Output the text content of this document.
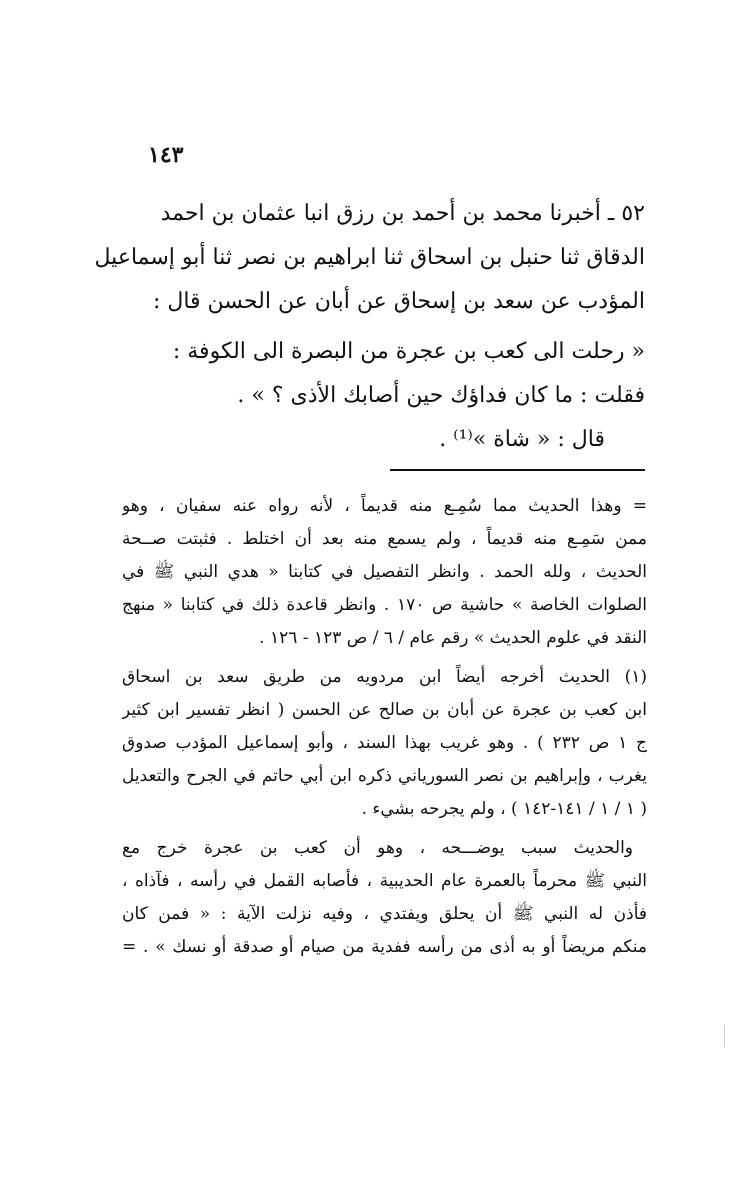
١٤٣
٥٢ ـ أخبرنا محمد بن أحمد بن رزق انبا عثمان بن احمد
الدقاق ثنا حنبل بن اسحاق ثنا ابراهيم بن نصر ثنا أبو إسماعيل
المؤدب عن سعد بن إسحاق عن أبان عن الحسن قال :
« رحلت الى كعب بن عجرة من البصرة الى الكوفة :
فقلت : ما كان فداؤك حين أصابك الأذى ؟ » .
قال : « شاة »⁽¹⁾ .
= وهذا الحديث مما سُمِـع منه قديماً ، لأنه رواه عنه سفيان ، وهو
ممن سَمِـع منه قديماً ، ولم يسمع منه بعد أن اختلط . فثبتت صــحة
الحديث ، ولله الحمد . وانظر التفصيل في كتابنا « هدي النبي ﷺ في
الصلوات الخاصة » حاشية ص ١٧٠ . وانظر قاعدة ذلك في كتابنا « منهج
النقد في علوم الحديث » رقم عام / ٦ / ص ١٢٣ - ١٢٦ .
(١) الحديث أخرجه أيضاً ابن مردويه من طريق سعد بن اسحاق
ابن كعب بن عجرة عن أبان بن صالح عن الحسن ( انظر تفسير ابن كثير
ج ١ ص ٢٣٢ ) . وهو غريب بهذا السند ، وأبو إسماعيل المؤدب صدوق
يغرب ، وإبراهيم بن نصر السورياني ذكره ابن أبي حاتم في الجرح والتعديل
( ١ / ١ / ١٤١-١٤٢ ) ، ولم يجرحه بشيء .
والحديث سبب يوضـــحه ، وهو أن كعب بن عجرة خرج مع
النبي ﷺ محرماً بالعمرة عام الحديبية ، فأصابه القمل في رأسه ، فآذاه ،
فأذن له النبي ﷺ أن يحلق ويفتدي ، وفيه نزلت الآية : « فمن كان
منكم مريضاً أو به أذى من رأسه ففدية من صيام أو صدقة أو نسك » . =
